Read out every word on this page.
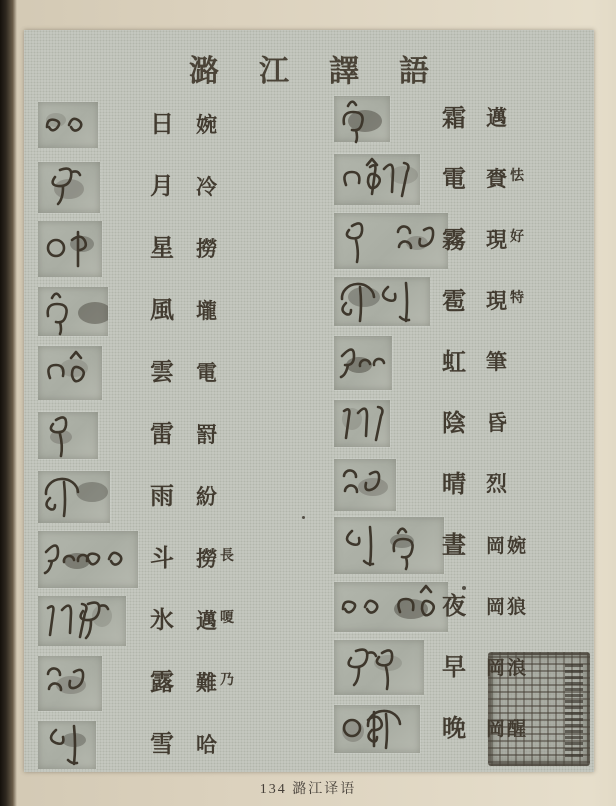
潞江譯語
日	婉
月	冷
星	撈
風	壠
雲	電
雷	罸
雨	紛
斗	撈$^長$
氷	邁$^嗄$
露	難$^乃$
雪	哈
霜 邁
電 賚$^怯$
霧 現$^好$
雹 現$^特$
虹 筆
陰 昏
晴 烈
晝	岡婉
夜	岡狼
早	岡浪
晚	岡醒
134 潞江译语
